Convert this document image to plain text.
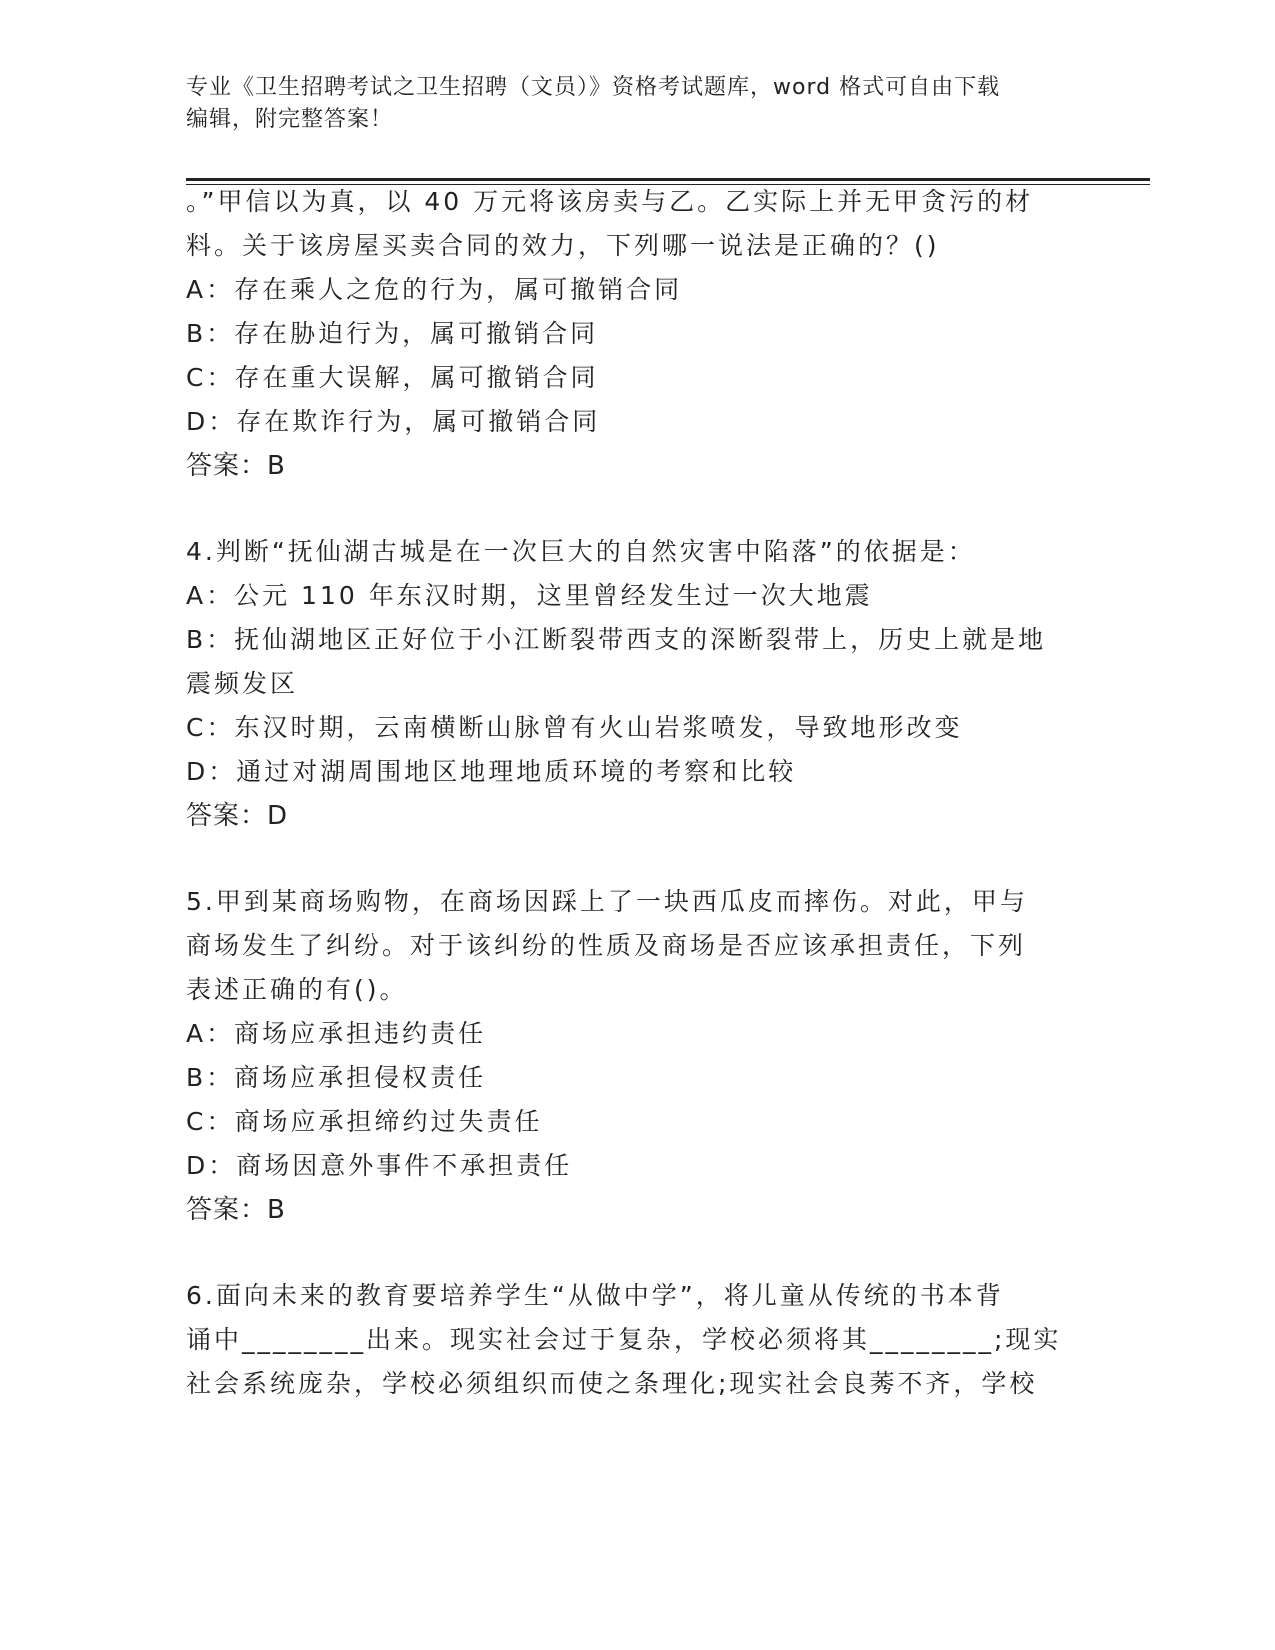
专业《卫生招聘考试之卫生招聘（文员）》资格考试题库，word 格式可自由下载
编辑，附完整答案！
。”甲信以为真，以 40 万元将该房卖与乙。乙实际上并无甲贪污的材
料。关于该房屋买卖合同的效力，下列哪一说法是正确的？()
A：存在乘人之危的行为，属可撤销合同
B：存在胁迫行为，属可撤销合同
C：存在重大误解，属可撤销合同
D：存在欺诈行为，属可撤销合同
答案：B
4.判断“抚仙湖古城是在一次巨大的自然灾害中陷落”的依据是：
A：公元 110 年东汉时期，这里曾经发生过一次大地震
B：抚仙湖地区正好位于小江断裂带西支的深断裂带上，历史上就是地
震频发区
C：东汉时期，云南横断山脉曾有火山岩浆喷发，导致地形改变
D：通过对湖周围地区地理地质环境的考察和比较
答案：D
5.甲到某商场购物，在商场因踩上了一块西瓜皮而摔伤。对此，甲与
商场发生了纠纷。对于该纠纷的性质及商场是否应该承担责任，下列
表述正确的有()。
A：商场应承担违约责任
B：商场应承担侵权责任
C：商场应承担缔约过失责任
D：商场因意外事件不承担责任
答案：B
6.面向未来的教育要培养学生“从做中学”，将儿童从传统的书本背
诵中________出来。现实社会过于复杂，学校必须将其________;现实
社会系统庞杂，学校必须组织而使之条理化;现实社会良莠不齐，学校
